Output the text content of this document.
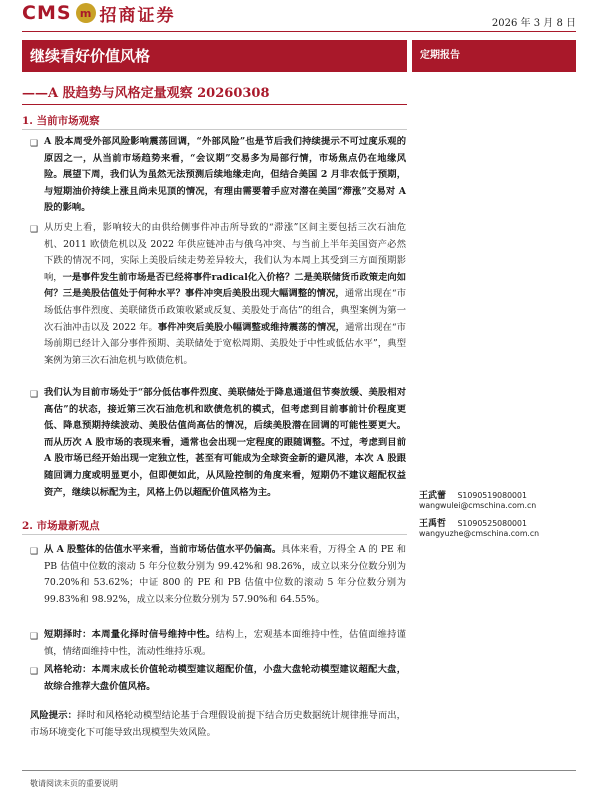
CMS m 招商证券	2026 年 3 月 8 日
继续看好价值风格	定期报告
——A 股趋势与风格定量观察 20260308
1. 当前市场观察
❑ A 股本周受外部风险影响震荡回调，“外部风险”也是节后我们持续提示不可过度乐观的原因之一，从当前市场趋势来看，“会议期”交易多为局部行情，市场焦点仍在地缘风险。展望下周，我们认为虽然无法预测后续地缘走向，但结合美国 2 月非农低于预期，与短期油价持续上涨且尚未见顶的情况，有理由需要着手应对潜在美国“滞涨”交易对 A 股的影响。
❑ 从历史上看，影响较大的由供给侧事件冲击所导致的“滞涨”区间主要包括三次石油危机、2011 欧债危机以及 2022 年供应链冲击与俄乌冲突、与当前上半年美国资产必然下跌的情况不同，实际上美股后续走势差异较大，我们认为本周上其受到三方面预期影响，一是事件发生前市场是否已经将事件radical化入价格？二是美联储货币政策走向如何？三是美股估值处于何种水平？事件冲突后美股出现大幅调整的情况，通常出现在“市场低估事件烈度、美联储货币政策收紧或反复、美股处于高估”的组合，典型案例为第一次石油冲击以及 2022 年。事件冲突后美股小幅调整或维持震荡的情况，通常出现在“市场前期已经计入部分事件预期、美联储处于宽松周期、美股处于中性或低估水平”，典型案例为第三次石油危机与欧债危机。
❑ 我们认为目前市场处于“部分低估事件烈度、美联储处于降息通道但节奏放缓、美股相对高估”的状态，接近第三次石油危机和欧债危机的模式，但考虑到目前事前计价程度更低、降息预期持续波动、美股估值尚高估的情况，后续美股潜在回调的可能性要更大。而从历次 A 股市场的表现来看，通常也会出现一定程度的跟随调整。不过，考虑到目前 A 股市场已经开始出现一定独立性，甚至有可能成为全球资金新的避风港，本次 A 股跟随回调力度或明显更小，但即便如此，从风险控制的角度来看，短期仍不建议超配权益资产，继续以标配为主，风格上仍以超配价值风格为主。	王武蕾 S1090519080001
wangwulei@cmschina.com.cn
王禹哲 S1090525080001
wangyuzhe@cmschina.com.cn
2. 市场最新观点
❑ 从 A 股整体的估值水平来看，当前市场估值水平仍偏高。具体来看，万得全 A 的 PE 和 PB 估值中位数的滚动 5 年分位数分别为 99.42%和 98.26%，成立以来分位数分别为 70.20%和 53.62%；中证 800 的 PE 和 PB 估值中位数的滚动 5 年分位数分别为 99.83%和 98.92%，成立以来分位数分别为 57.90%和 64.55%。
❑ 短期择时：本周量化择时信号维持中性。结构上，宏观基本面维持中性，估值面维持谨慎，情绪面维持中性，流动性维持乐观。
❑ 风格轮动：本周末成长价值轮动模型建议超配价值，小盘大盘轮动模型建议超配大盘，故综合推荐大盘价值风格。
风险提示：择时和风格轮动模型结论基于合理假设前提下结合历史数据统计规律推导而出，市场环境变化下可能导致出现模型失效风险。
敬请阅读末页的重要说明
